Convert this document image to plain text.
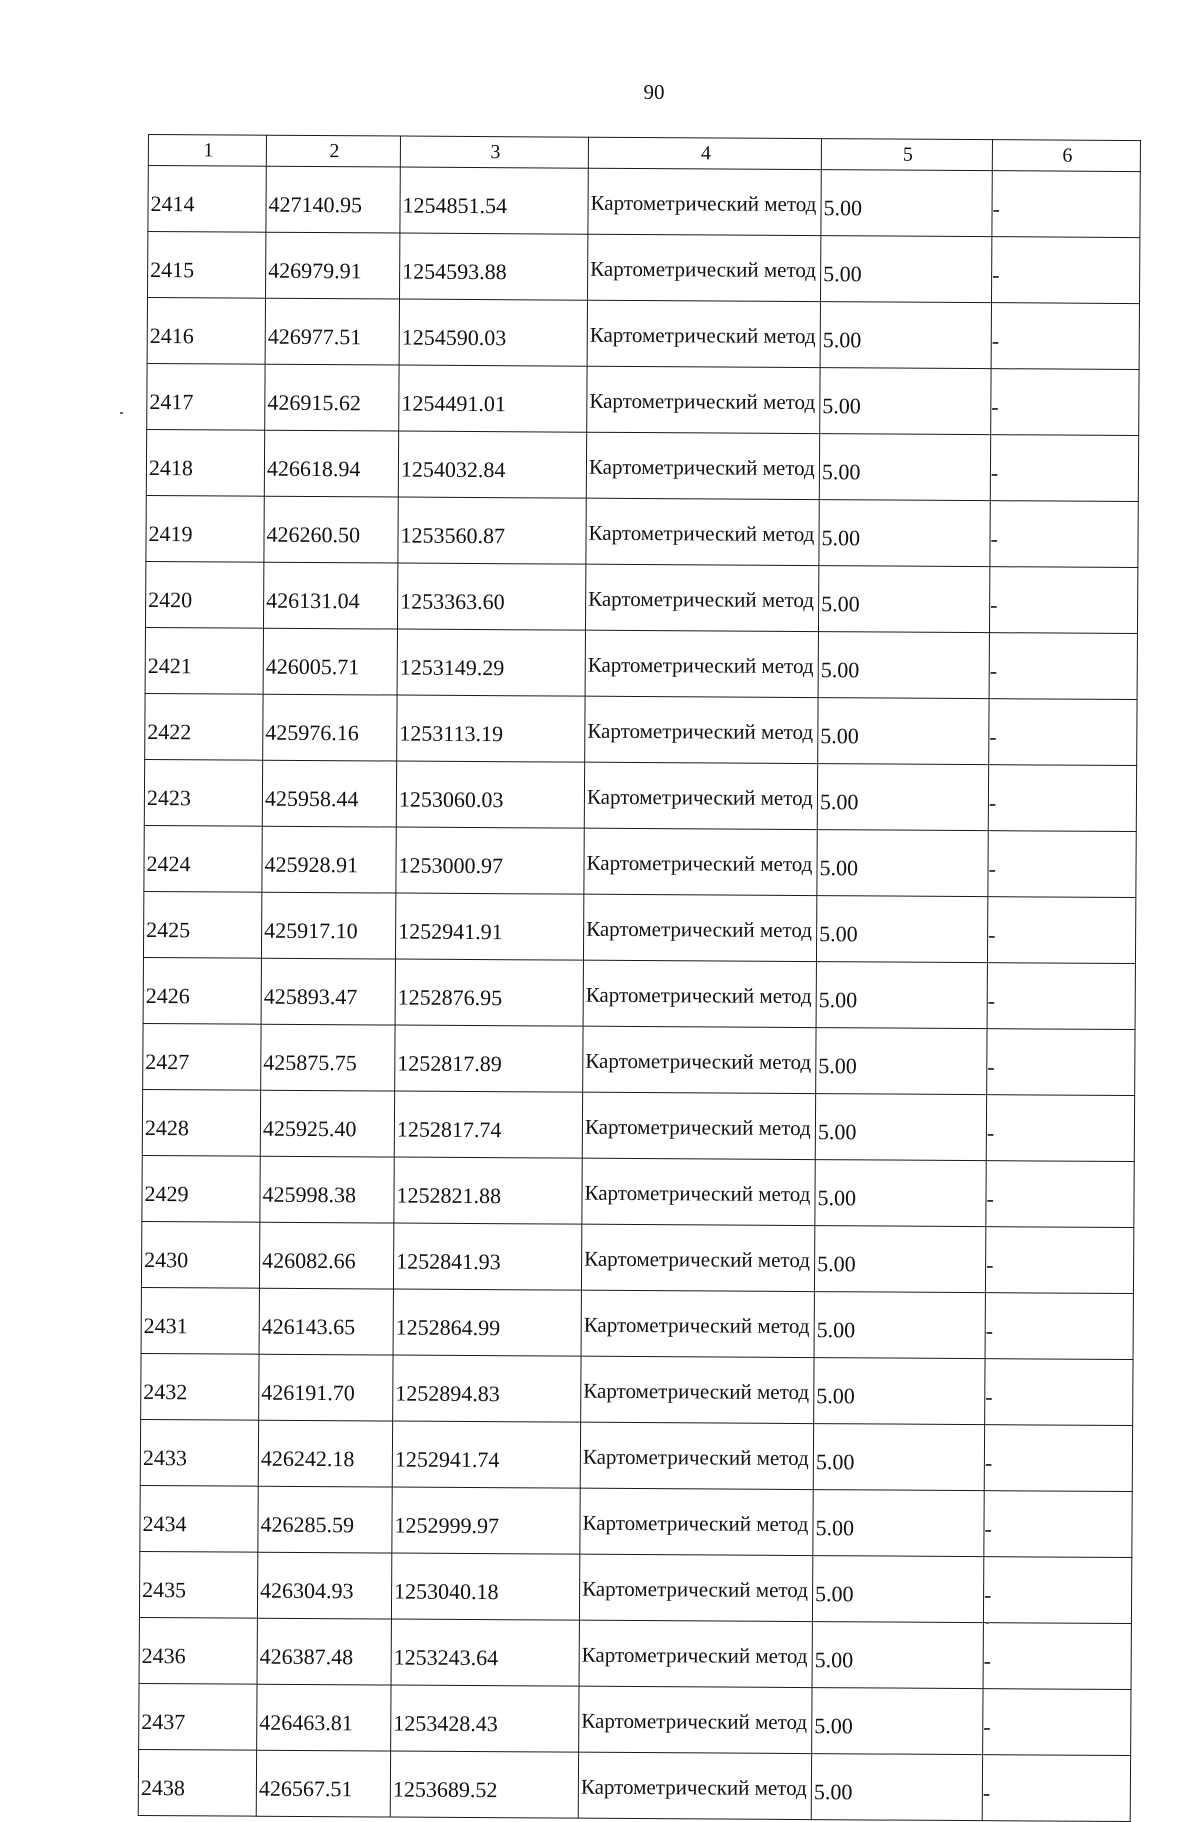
90
1	2	3	4	5	6
2414	427140.95	1254851.54	Картометрический метод	5.00	-
2415	426979.91	1254593.88	Картометрический метод	5.00	-
2416	426977.51	1254590.03	Картометрический метод	5.00	-
2417	426915.62	1254491.01	Картометрический метод	5.00	-
2418	426618.94	1254032.84	Картометрический метод	5.00	-
2419	426260.50	1253560.87	Картометрический метод	5.00	-
2420	426131.04	1253363.60	Картометрический метод	5.00	-
2421	426005.71	1253149.29	Картометрический метод	5.00	-
2422	425976.16	1253113.19	Картометрический метод	5.00	-
2423	425958.44	1253060.03	Картометрический метод	5.00	-
2424	425928.91	1253000.97	Картометрический метод	5.00	-
2425	425917.10	1252941.91	Картометрический метод	5.00	-
2426	425893.47	1252876.95	Картометрический метод	5.00	-
2427	425875.75	1252817.89	Картометрический метод	5.00	-
2428	425925.40	1252817.74	Картометрический метод	5.00	-
2429	425998.38	1252821.88	Картометрический метод	5.00	-
2430	426082.66	1252841.93	Картометрический метод	5.00	-
2431	426143.65	1252864.99	Картометрический метод	5.00	-
2432	426191.70	1252894.83	Картометрический метод	5.00	-
2433	426242.18	1252941.74	Картометрический метод	5.00	-
2434	426285.59	1252999.97	Картометрический метод	5.00	-
2435	426304.93	1253040.18	Картометрический метод	5.00	-
2436	426387.48	1253243.64	Картометрический метод	5.00	-
2437	426463.81	1253428.43	Картометрический метод	5.00	-
2438	426567.51	1253689.52	Картометрический метод	5.00	-
